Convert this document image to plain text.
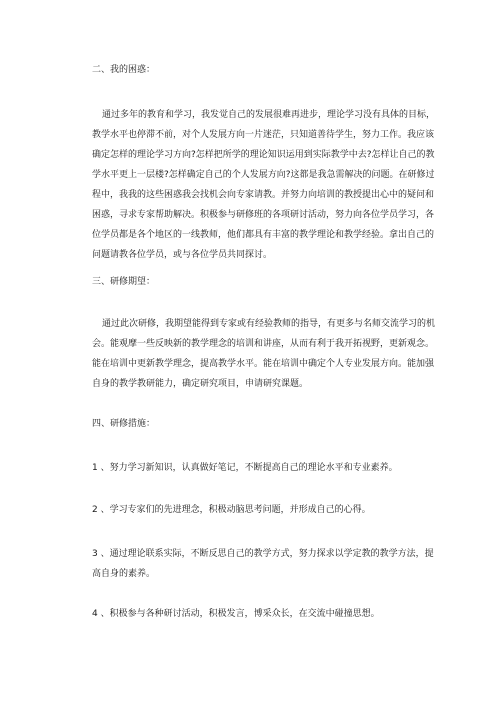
二、我的困惑：
通过多年的教育和学习，我发觉自己的发展很难再进步，理论学习没有具体的目标，教学水平也停滞不前，对个人发展方向一片迷茫，只知道善待学生，努力工作。我应该确定怎样的理论学习方向?怎样把所学的理论知识运用到实际教学中去?怎样让自己的教学水平更上一层楼?怎样确定自己的个人发展方向?这都是我急需解决的问题。在研修过程中，我我的这些困惑我会找机会向专家请教。并努力向培训的教授提出心中的疑问和困惑，寻求专家帮助解决。积极参与研修班的各项研讨活动，努力向各位学员学习，各位学员都是各个地区的一线教师，他们都具有丰富的教学理论和教学经验。拿出自己的问题请教各位学员，或与各位学员共同探讨。
三、研修期望：
通过此次研修，我期望能得到专家或有经验教师的指导，有更多与名师交流学习的机会。能观摩一些反映新的教学理念的培训和讲座，从而有利于我开拓视野，更新观念。能在培训中更新教学理念，提高教学水平。能在培训中确定个人专业发展方向。能加强自身的教学教研能力，确定研究项目，申请研究课题。
四、研修措施：
1 、努力学习新知识，认真做好笔记，不断提高自己的理论水平和专业素养。
2 、学习专家们的先进理念，积极动脑思考问题，并形成自己的心得。
3 、通过理论联系实际，不断反思自己的教学方式，努力探求以学定教的教学方法，提高自身的素养。
4 、积极参与各种研讨活动，积极发言，博采众长，在交流中碰撞思想。
